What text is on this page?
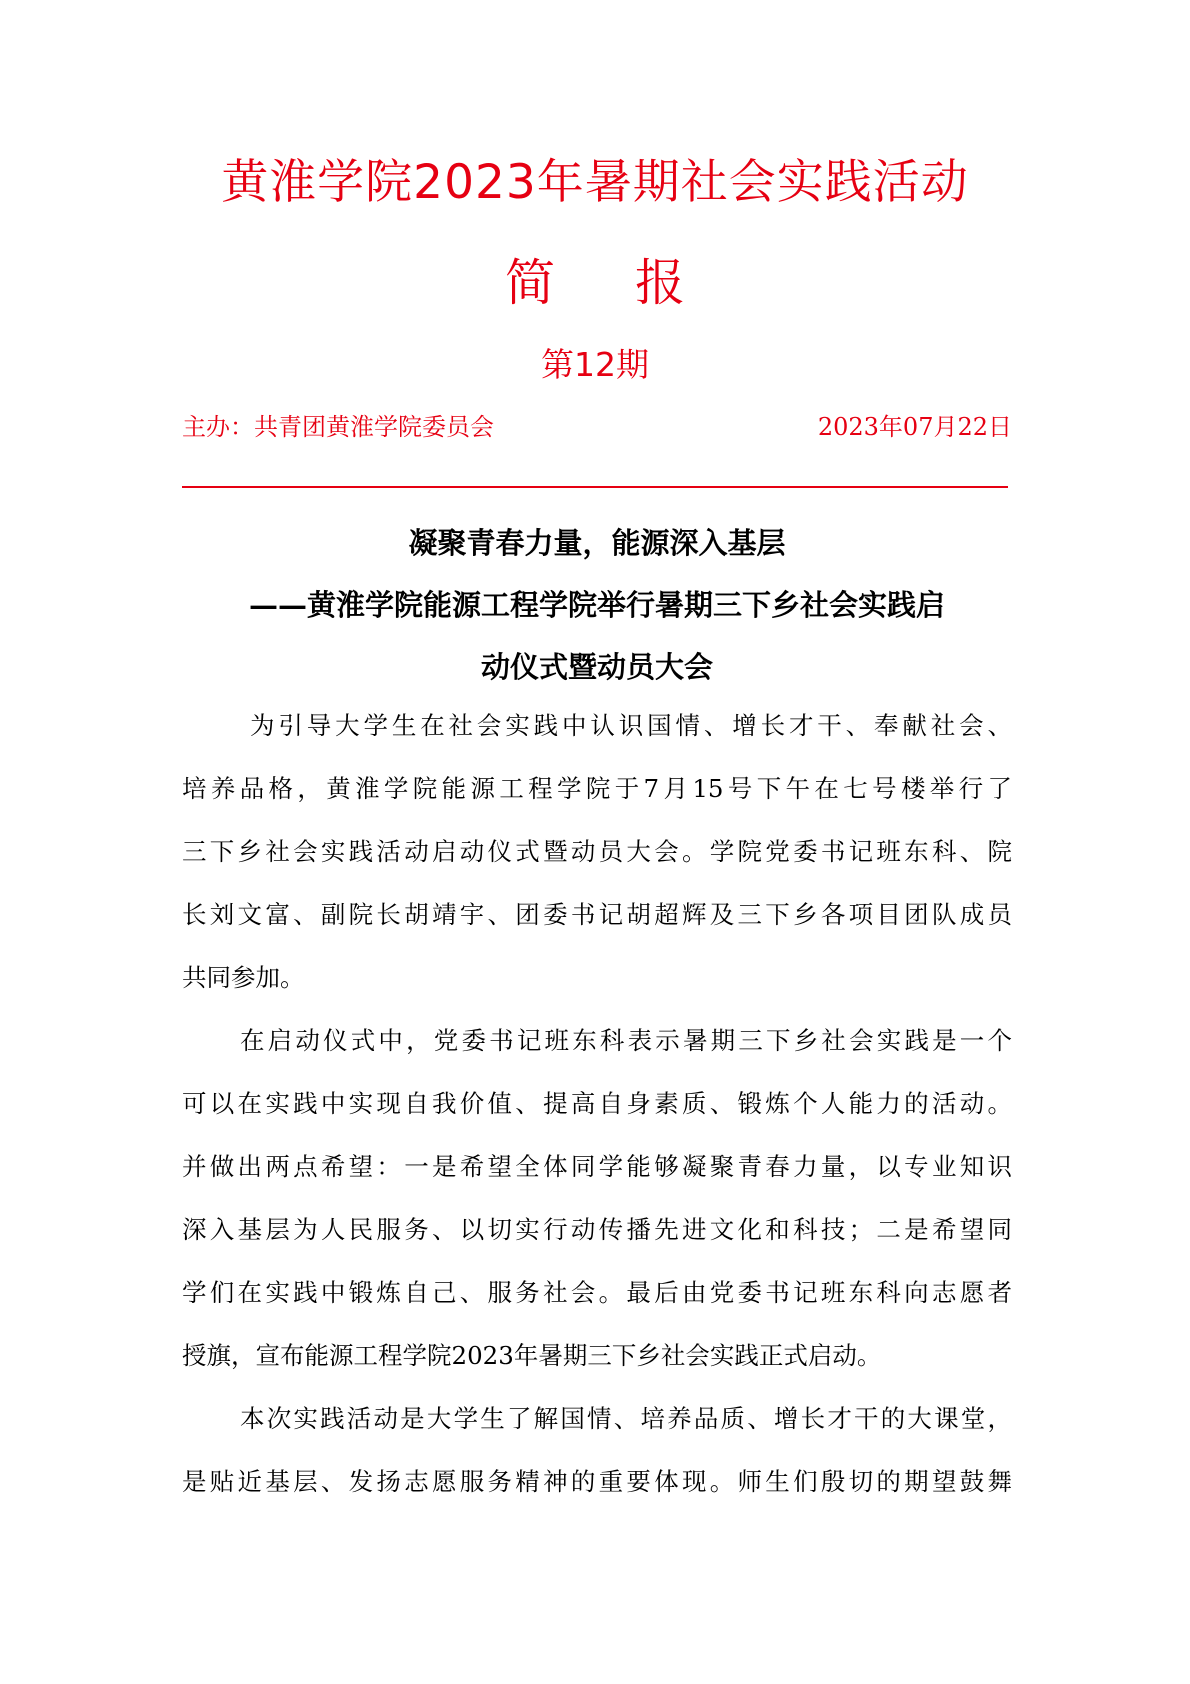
黄淮学院2023年暑期社会实践活动
简 报
第12期
主办：共青团黄淮学院委员会	2023年07月22日
凝聚青春力量，能源深入基层
——黄淮学院能源工程学院举行暑期三下乡社会实践启
动仪式暨动员大会
为引导大学生在社会实践中认识国情、增长才干、奉献社会、
培养品格，黄淮学院能源工程学院于7月15号下午在七号楼举行了
三下乡社会实践活动启动仪式暨动员大会。学院党委书记班东科、院
长刘文富、副院长胡靖宇、团委书记胡超辉及三下乡各项目团队成员
共同参加。
在启动仪式中，党委书记班东科表示暑期三下乡社会实践是一个
可以在实践中实现自我价值、提高自身素质、锻炼个人能力的活动。
并做出两点希望：一是希望全体同学能够凝聚青春力量，以专业知识
深入基层为人民服务、以切实行动传播先进文化和科技；二是希望同
学们在实践中锻炼自己、服务社会。最后由党委书记班东科向志愿者
授旗，宣布能源工程学院2023年暑期三下乡社会实践正式启动。
本次实践活动是大学生了解国情、培养品质、增长才干的大课堂，
是贴近基层、发扬志愿服务精神的重要体现。师生们殷切的期望鼓舞
